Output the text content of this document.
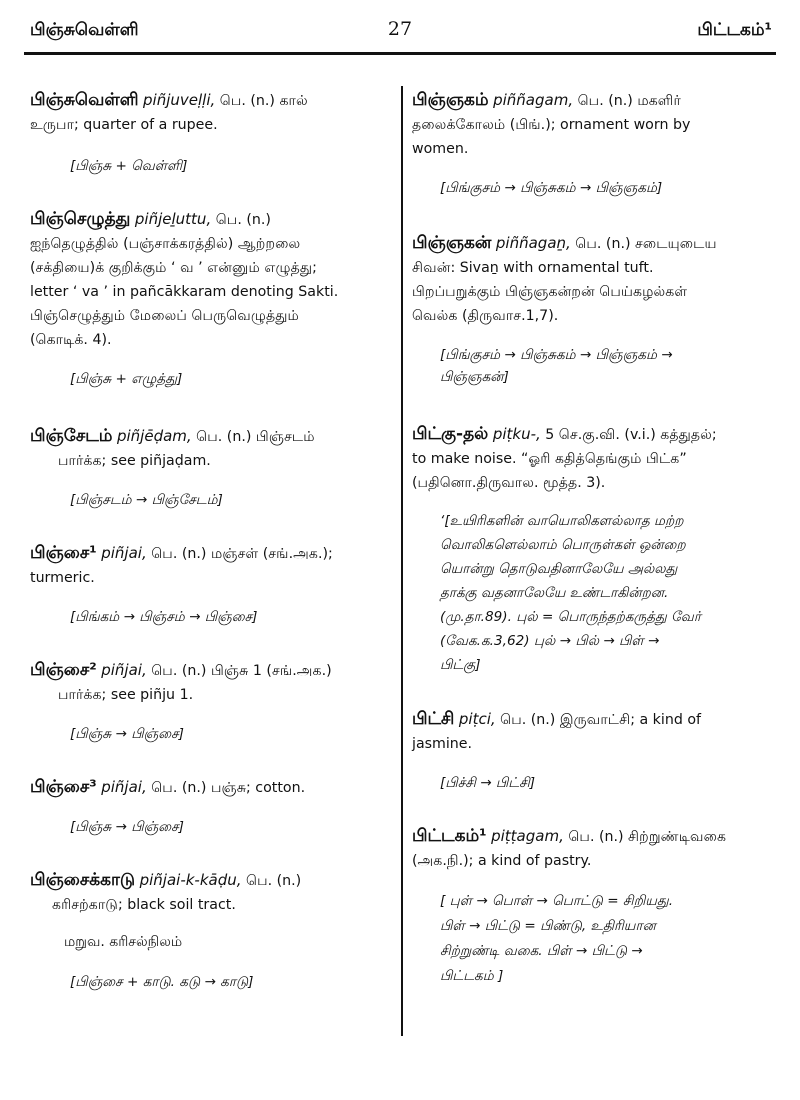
பிஞ்சுவெள்ளி	27	பிட்டகம்¹

பிஞ்சுவெள்ளி piñjuveḷḷi, பெ. (n.) கால்
உருபா; quarter of a rupee.

[பிஞ்சு + வெள்ளி]

பிஞ்செழுத்து piñjeḻuttu, பெ. (n.)
ஐந்தெழுத்தில் (பஞ்சாக்கரத்தில்) ஆற்றலை
(சக்தியை)க் குறிக்கும் ‘ வ ’ என்னும் எழுத்து;
letter ‘ va ’ in pañcākkaram denoting Sakti.
பிஞ்செழுத்தும் மேலைப் பெருவெழுத்தும்
(கொடிக். 4).

[பிஞ்சு + எழுத்து]

பிஞ்சேடம் piñjēḍam, பெ. (n.) பிஞ்சடம்
பார்க்க; see piñjaḍam.

[பிஞ்சடம் → பிஞ்சேடம்]

பிஞ்சை¹ piñjai, பெ. (n.) மஞ்சள் (சங்.அக.);
turmeric.

[பிங்கம் → பிஞ்சம் → பிஞ்சை]

பிஞ்சை² piñjai, பெ. (n.) பிஞ்சு 1 (சங்.அக.)
பார்க்க; see piñju 1.

[பிஞ்சு → பிஞ்சை]

பிஞ்சை³ piñjai, பெ. (n.) பஞ்சு; cotton.

[பிஞ்சு → பிஞ்சை]

பிஞ்சைக்காடு piñjai-k-kāḍu, பெ. (n.)
கரிசற்காடு; black soil tract.

மறுவ. கரிசல்நிலம்

[பிஞ்சை + காடு. கடு → காடு]

பிஞ்ஞகம் piññagam, பெ. (n.) மகளிர்
தலைக்கோலம் (பிங்.); ornament worn by
women.

[பிங்குசம் → பிஞ்சுகம் → பிஞ்ஞகம்]

பிஞ்ஞகன் piññagaṉ, பெ. (n.) சடையுடைய
சிவன்: Sivaṉ with ornamental tuft.
பிறப்பறுக்கும் பிஞ்ஞகன்றன் பெய்கழல்கள்
வெல்க (திருவாச.1,7).

[பிங்குசம் → பிஞ்சுகம் → பிஞ்ஞகம் →
பிஞ்ஞகன்]

பிட்கு-தல் piṭku-, 5 செ.கு.வி. (v.i.) கத்துதல்;
to make noise. “ஓரி கதித்தெங்கும் பிட்க”
(பதினொ.திருவால. மூத்த. 3).

‘[உயிரிகளின் வாயொலிகளல்லாத மற்ற
வொலிகளெல்லாம் பொருள்கள் ஒன்றை
யொன்று தொடுவதினாலேயே அல்லது
தாக்கு வதனாலேயே உண்டாகின்றன.
(மு.தா.89). புல் = பொருந்தற்கருத்து வேர்
(வேக.க.3,62) புல் → பில் → பிள் →
பிட்கு]

பிட்சி piṭci, பெ. (n.) இருவாட்சி; a kind of
jasmine.

[பிச்சி → பிட்சி]

பிட்டகம்¹ piṭṭagam, பெ. (n.) சிற்றுண்டிவகை
(அக.நி.); a kind of pastry.

[ புள் → பொள் → பொட்டு = சிறியது.
பிள் → பிட்டு = பிண்டு, உதிரியான
சிற்றுண்டி வகை. பிள் → பிட்டு →
பிட்டகம் ]
